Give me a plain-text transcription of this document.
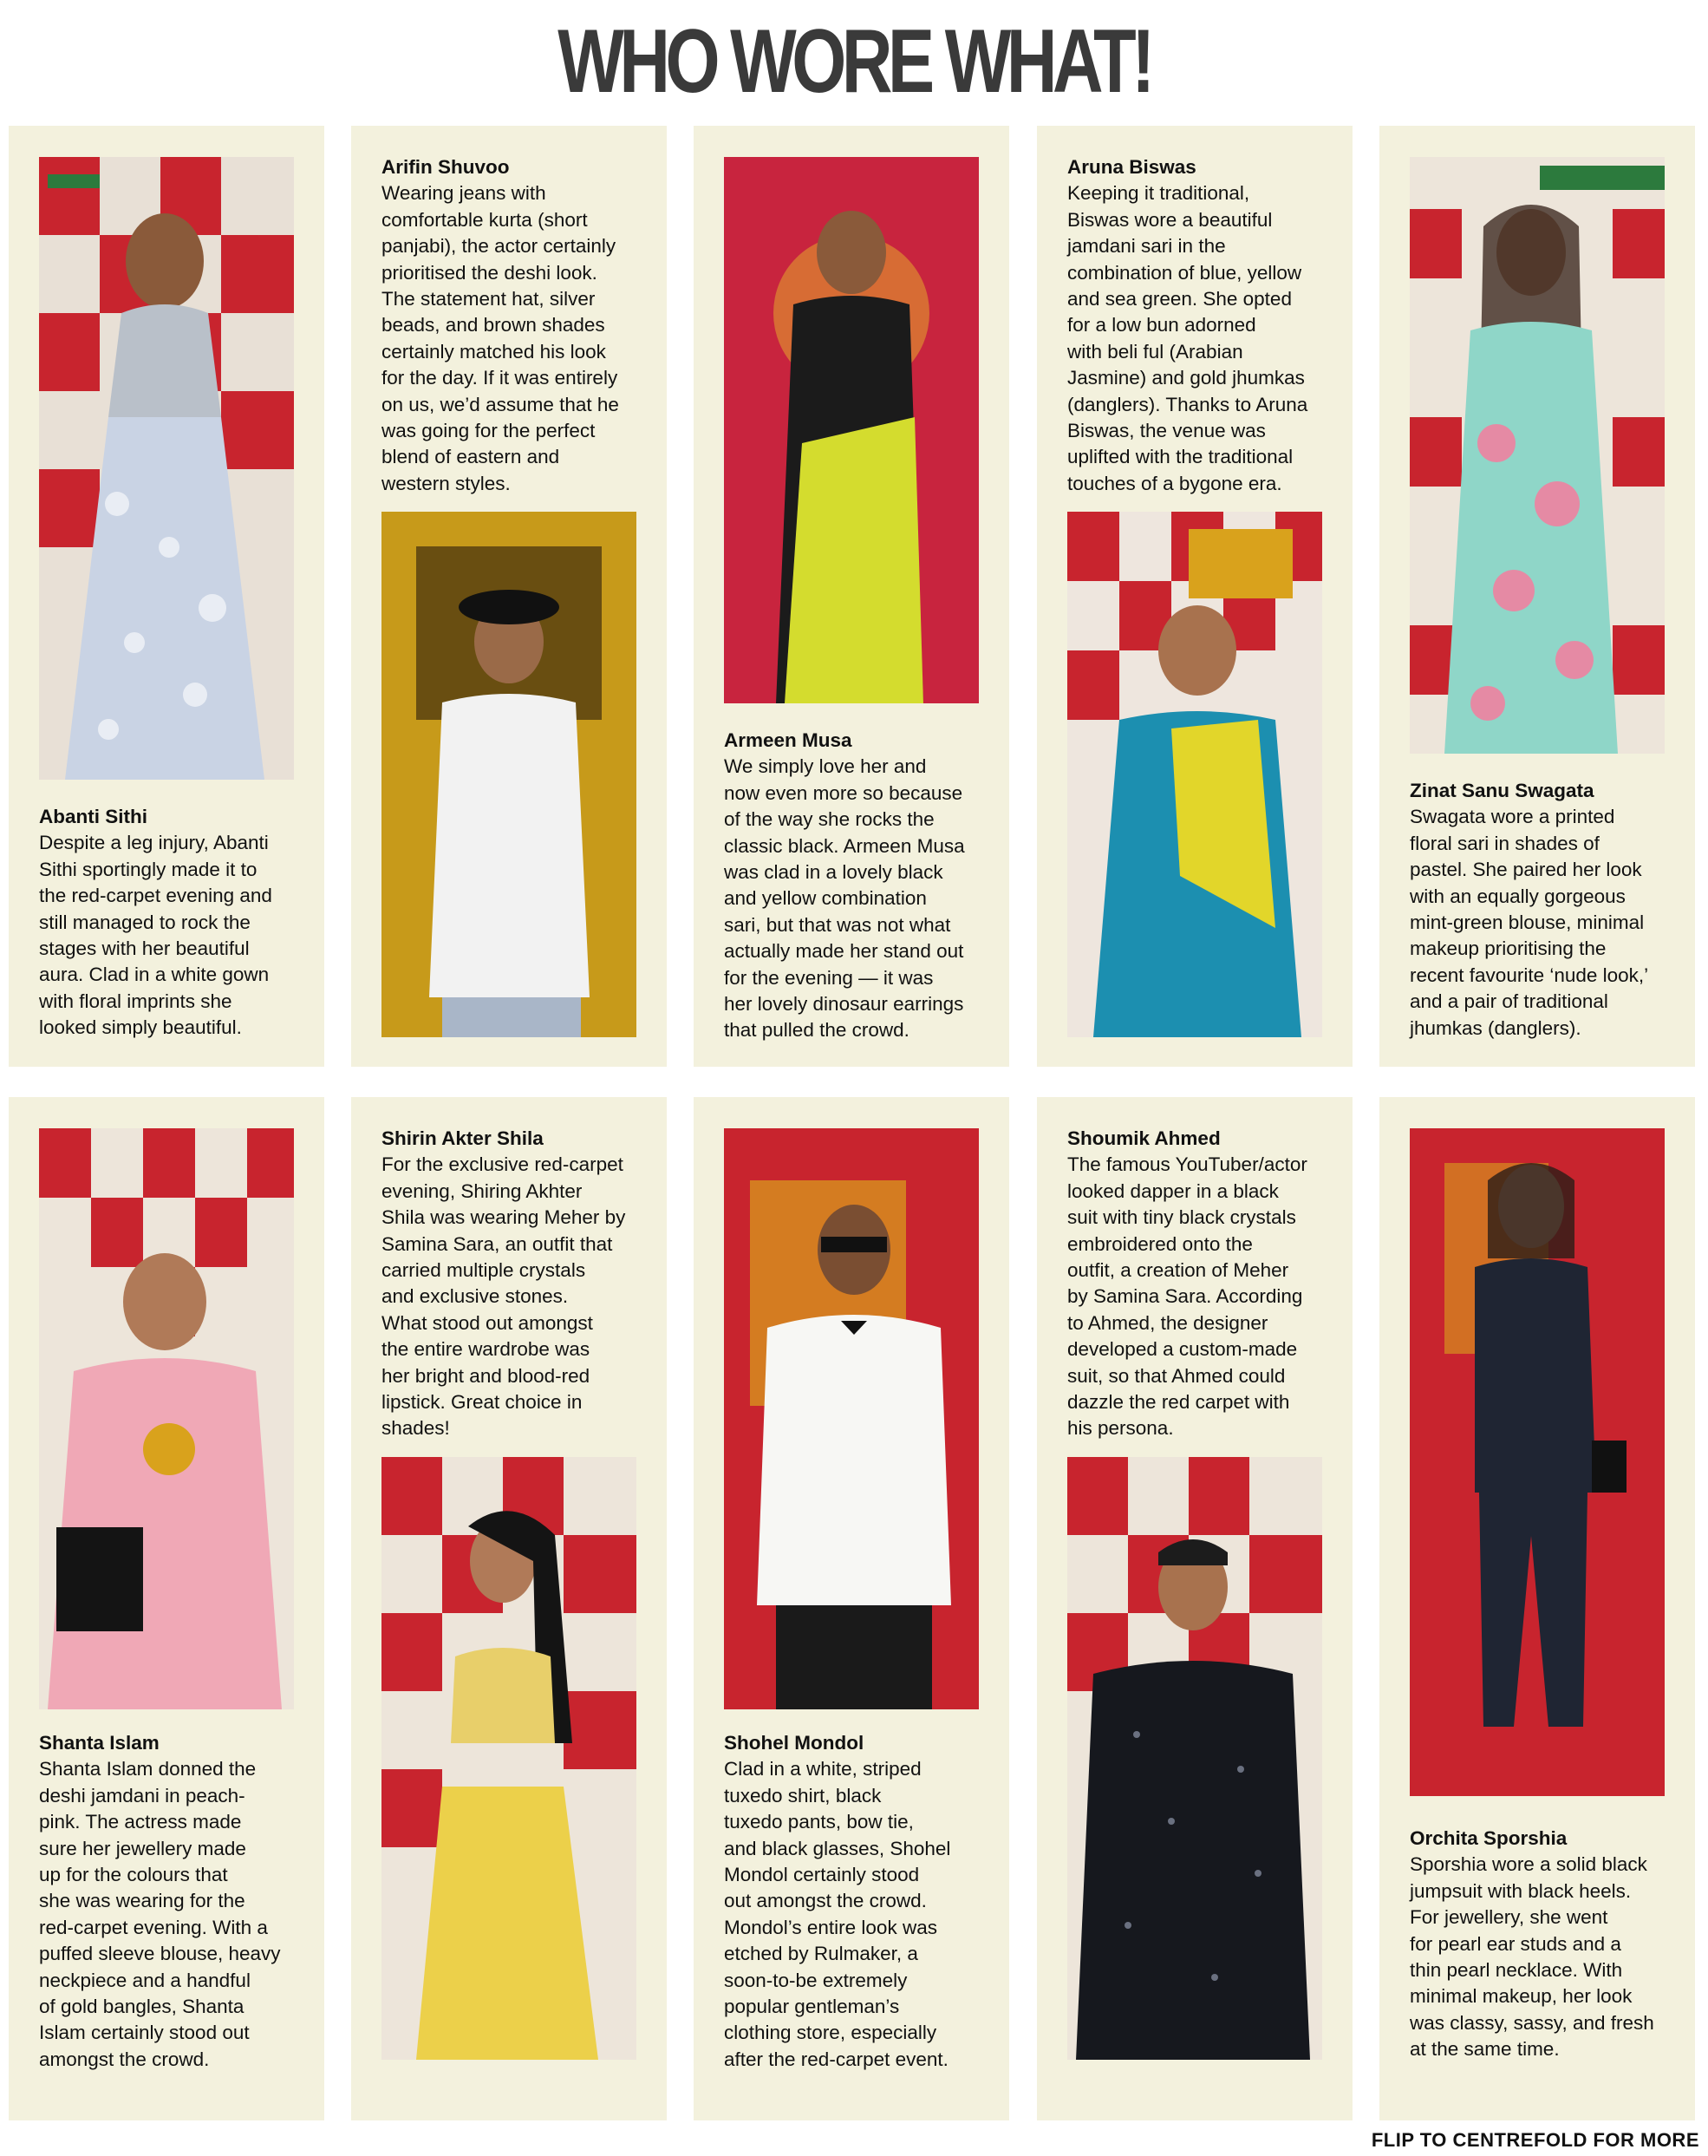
WHO WORE WHAT!
Abanti Sithi
Despite a leg injury, Abanti
Sithi sportingly made it to
the red-carpet evening and
still managed to rock the
stages with her beautiful
aura. Clad in a white gown
with floral imprints she
looked simply beautiful.
Arifin Shuvoo
Wearing jeans with
comfortable kurta (short
panjabi), the actor certainly
prioritised the deshi look.
The statement hat, silver
beads, and brown shades
certainly matched his look
for the day. If it was entirely
on us, we’d assume that he
was going for the perfect
blend of eastern and
western styles.
Armeen Musa
We simply love her and
now even more so because
of the way she rocks the
classic black. Armeen Musa
was clad in a lovely black
and yellow combination
sari, but that was not what
actually made her stand out
for the evening — it was
her lovely dinosaur earrings
that pulled the crowd.
Aruna Biswas
Keeping it traditional,
Biswas wore a beautiful
jamdani sari in the
combination of blue, yellow
and sea green. She opted
for a low bun adorned
with beli ful (Arabian
Jasmine) and gold jhumkas
(danglers). Thanks to Aruna
Biswas, the venue was
uplifted with the traditional
touches of a bygone era.
Zinat Sanu Swagata
Swagata wore a printed
floral sari in shades of
pastel. She paired her look
with an equally gorgeous
mint-green blouse, minimal
makeup prioritising the
recent favourite ‘nude look,’
and a pair of traditional
jhumkas (danglers).
Shanta Islam
Shanta Islam donned the
deshi jamdani in peach-
pink. The actress made
sure her jewellery made
up for the colours that
she was wearing for the
red-carpet evening. With a
puffed sleeve blouse, heavy
neckpiece and a handful
of gold bangles, Shanta
Islam certainly stood out
amongst the crowd.
Shirin Akter Shila
For the exclusive red-carpet
evening, Shiring Akhter
Shila was wearing Meher by
Samina Sara, an outfit that
carried multiple crystals
and exclusive stones.
What stood out amongst
the entire wardrobe was
her bright and blood-red
lipstick. Great choice in
shades!
Shohel Mondol
Clad in a white, striped
tuxedo shirt, black
tuxedo pants, bow tie,
and black glasses, Shohel
Mondol certainly stood
out amongst the crowd.
Mondol’s entire look was
etched by Rulmaker, a
soon-to-be extremely
popular gentleman’s
clothing store, especially
after the red-carpet event.
Shoumik Ahmed
The famous YouTuber/actor
looked dapper in a black
suit with tiny black crystals
embroidered onto the
outfit, a creation of Meher
by Samina Sara. According
to Ahmed, the designer
developed a custom-made
suit, so that Ahmed could
dazzle the red carpet with
his persona.
Orchita Sporshia
Sporshia wore a solid black
jumpsuit with black heels.
For jewellery, she went
for pearl ear studs and a
thin pearl necklace. With
minimal makeup, her look
was classy, sassy, and fresh
at the same time.
FLIP TO CENTREFOLD FOR MORE
